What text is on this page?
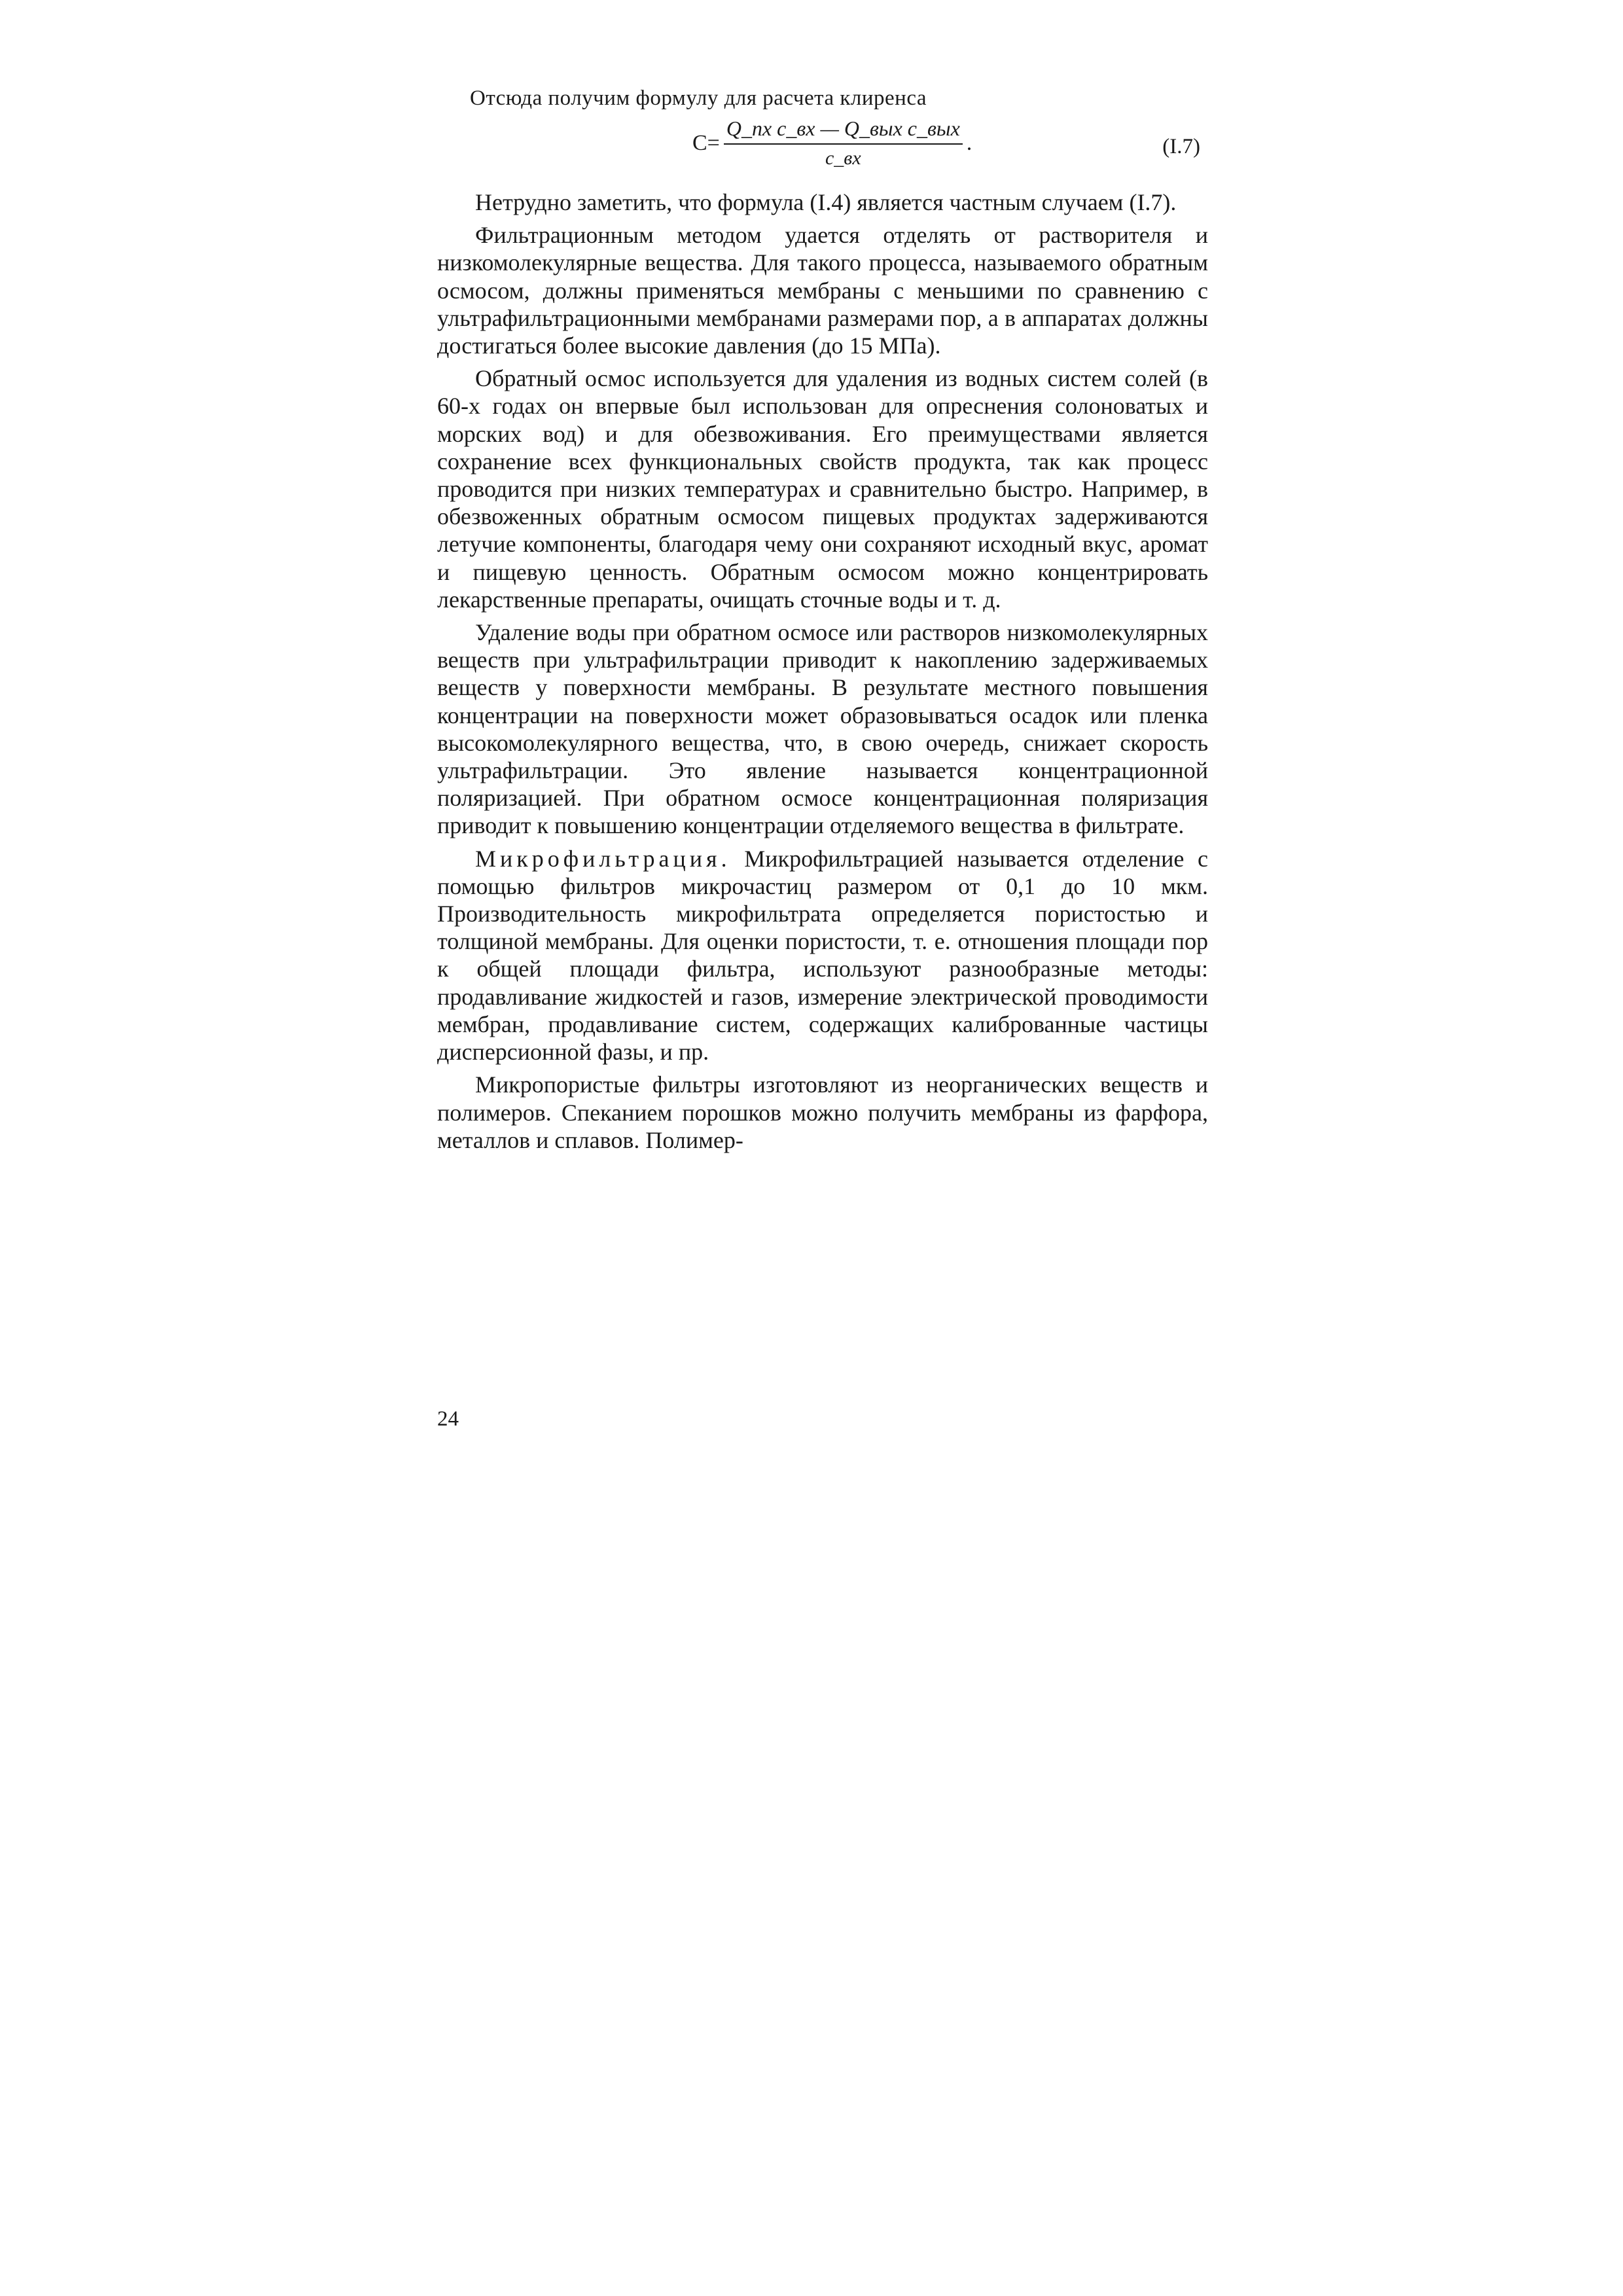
Отсюда получим формулу для расчета клиренса

$C= \frac{\text{Q\_пх c\_вх — Q\_вых c\_вых}}{c\_вх}$ .	(I.7)

Нетрудно заметить, что формула (I.4) является частным случаем (I.7).

Фильтрационным методом удается отделять от растворителя и низкомолекулярные вещества. Для такого процесса, называемого обратным осмосом, должны применяться мембраны с меньшими по сравнению с ультрафильтрационными мембранами размерами пор, а в аппаратах должны достигаться более высокие давления (до 15 МПа).

Обратный осмос используется для удаления из водных систем солей (в 60-х годах он впервые был использован для опреснения солоноватых и морских вод) и для обезвоживания. Его преимуществами является сохранение всех функциональных свойств продукта, так как процесс проводится при низких температурах и сравнительно быстро. Например, в обезвоженных обратным осмосом пищевых продуктах задерживаются летучие компоненты, благодаря чему они сохраняют исходный вкус, аромат и пищевую ценность. Обратным осмосом можно концентрировать лекарственные препараты, очищать сточные воды и т. д.

Удаление воды при обратном осмосе или растворов низкомолекулярных веществ при ультрафильтрации приводит к накоплению задерживаемых веществ у поверхности мембраны. В результате местного повышения концентрации на поверхности может образовываться осадок или пленка высокомолекулярного вещества, что, в свою очередь, снижает скорость ультрафильтрации. Это явление называется концентрационной поляризацией. При обратном осмосе концентрационная поляризация приводит к повышению концентрации отделяемого вещества в фильтрате.

Микрофильтрация. Микрофильтрацией называется отделение с помощью фильтров микрочастиц размером от 0,1 до 10 мкм. Производительность микрофильтрата определяется пористостью и толщиной мембраны. Для оценки пористости, т. е. отношения площади пор к общей площади фильтра, используют разнообразные методы: продавливание жидкостей и газов, измерение электрической проводимости мембран, продавливание систем, содержащих калиброванные частицы дисперсионной фазы, и пр.

Микропористые фильтры изготовляют из неорганических веществ и полимеров. Спеканием порошков можно получить мембраны из фарфора, металлов и сплавов. Полимер-

24
